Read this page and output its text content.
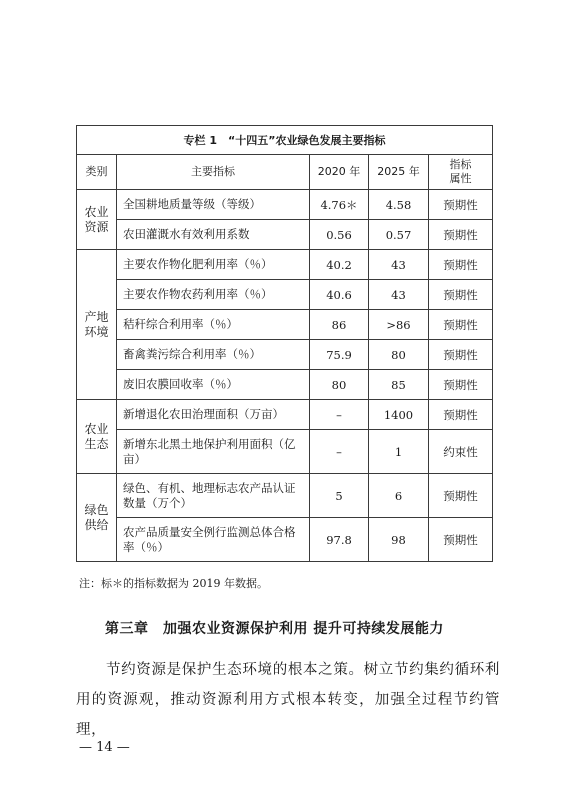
专栏 1　“十四五”农业绿色发展主要指标				
类别	主要指标	2020 年	2025 年	指标属性

农业资源	全国耕地质量等级（等级）	4.76＊	4.58	预期性
	农田灌溉水有效利用系数	0.56	0.57	预期性

产地环境	主要农作物化肥利用率（％）	40.2	43	预期性
	主要农作物农药利用率（％）	40.6	43	预期性
	秸秆综合利用率（％）	86	>86	预期性
	畜禽粪污综合利用率（％）	75.9	80	预期性
	废旧农膜回收率（％）	80	85	预期性

农业生态	新增退化农田治理面积（万亩）	–	1400	预期性
	新增东北黑土地保护利用面积（亿亩）	–	1	约束性

绿色供给	绿色、有机、地理标志农产品认证数量（万个）	5	6	预期性
	农产品质量安全例行监测总体合格率（％）	97.8	98	预期性
注：标＊的指标数据为 2019 年数据。
第三章　加强农业资源保护利用 提升可持续发展能力
节约资源是保护生态环境的根本之策。树立节约集约循环利用的资源观，推动资源利用方式根本转变，加强全过程节约管理，
— 14 —
